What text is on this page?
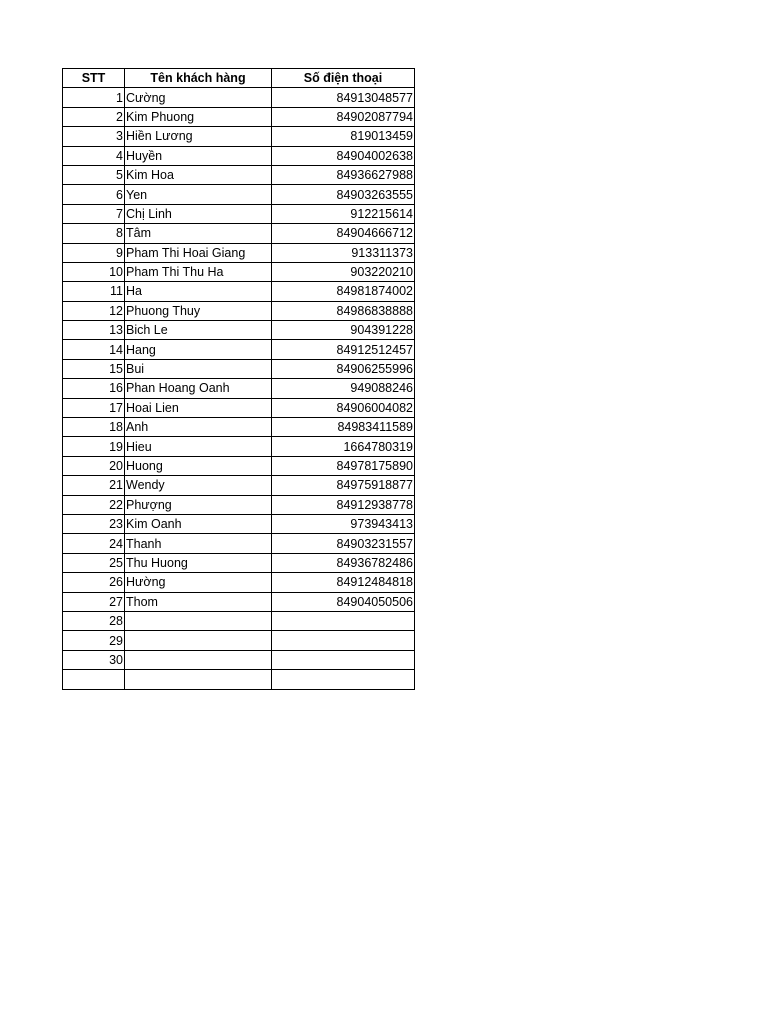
STT	Tên khách hàng	Số điện thoại
1	Cường	84913048577
2	Kim Phuong	84902087794
3	Hiền Lương	819013459
4	Huyền	84904002638
5	Kim Hoa	84936627988
6	Yen	84903263555
7	Chị Linh	912215614
8	Tâm	84904666712
9	Pham Thi Hoai Giang	913311373
10	Pham Thi Thu Ha	903220210
11	Ha	84981874002
12	Phuong Thuy	84986838888
13	Bich Le	904391228
14	Hang	84912512457
15	Bui	84906255996
16	Phan Hoang Oanh	949088246
17	Hoai Lien	84906004082
18	Anh	84983411589
19	Hieu	1664780319
20	Huong	84978175890
21	Wendy	84975918877
22	Phượng	84912938778
23	Kim Oanh	973943413
24	Thanh	84903231557
25	Thu Huong	84936782486
26	Hường	84912484818
27	Thom	84904050506
28		
29		
30		
